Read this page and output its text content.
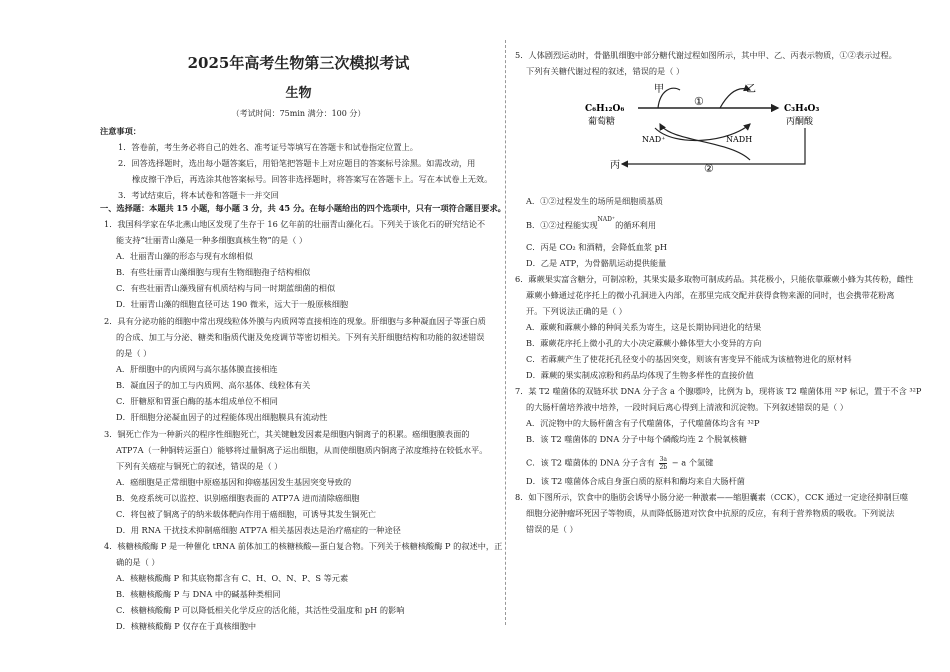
2025年高考生物第三次模拟考试
生物
（考试时间：75min 满分：100 分）
注意事项：
1．答卷前，考生务必将自己的姓名、准考证号等填写在答题卡和试卷指定位置上。
2．回答选择题时，选出每小题答案后，用铅笔把答题卡上对应题目的答案标号涂黑。如需改动，用
橡皮擦干净后，再选涂其他答案标号。回答非选择题时，将答案写在答题卡上。写在本试卷上无效。
3．考试结束后，将本试卷和答题卡一并交回
一、选择题：本题共 15 小题，每小题 3 分，共 45 分。在每小题给出的四个选项中，只有一项符合题目要求。
1．我国科学家在华北燕山地区发现了生存于 16 亿年前的壮丽青山藻化石。下列关于该化石的研究结论不
能支持“壮丽青山藻是一种多细胞真核生物”的是（ ）
A．壮丽青山藻的形态与现有水绵相似
B．有些壮丽青山藻细胞与现有生物细胞孢子结构相似
C．有些壮丽青山藻残留有机质结构与同一时期蓝细菌的相似
D．壮丽青山藻的细胞直径可达 190 微米，远大于一般原核细胞
2．具有分泌功能的细胞中常出现线粒体外膜与内质网等直接相连的现象。肝细胞与多种凝血因子等蛋白质
的合成、加工与分泌、糖类和脂质代谢及免疫调节等密切相关。下列有关肝细胞结构和功能的叙述错误
的是（ ）
A．肝细胞中的内质网与高尔基体膜直接相连
B．凝血因子的加工与内质网、高尔基体、线粒体有关
C．肝糖原和胃蛋白酶的基本组成单位不相同
D．肝细胞分泌凝血因子的过程能体现出细胞膜具有流动性
3．铜死亡作为一种新兴的程序性细胞死亡，其关键触发因素是细胞内铜离子的积累。癌细胞膜表面的
ATP7A（一种铜转运蛋白）能够将过量铜离子运出细胞，从而使细胞质内铜离子浓度维持在较低水平。
下列有关癌症与铜死亡的叙述，错误的是（ ）
A．癌细胞是正常细胞中原癌基因和抑癌基因发生基因突变导致的
B．免疫系统可以监控、识别癌细胞表面的 ATP7A 进而清除癌细胞
C．将包被了铜离子的纳米载体靶向作用于癌细胞，可诱导其发生铜死亡
D．用 RNA 干扰技术抑制癌细胞 ATP7A 相关基因表达是治疗癌症的一种途径
4．核糖核酸酶 P 是一种催化 tRNA 前体加工的核糖核酸—蛋白复合物。下列关于核糖核酸酶 P 的叙述中，正
确的是（ ）
A．核糖核酸酶 P 和其底物都含有 C、H、O、N、P、S 等元素
B．核糖核酸酶 P 与 DNA 中的碱基种类相同
C．核糖核酸酶 P 可以降低相关化学反应的活化能，其活性受温度和 pH 的影响
D．核糖核酸酶 P 仅存在于真核细胞中
5．人体剧烈运动时，骨骼肌细胞中部分糖代谢过程如图所示，其中甲、乙、丙表示物质，①②表示过程。
下列有关糖代谢过程的叙述，错误的是（ ）
C₆H₁₂O₆
葡萄糖
C₃H₄O₃
丙酮酸
甲	乙
①
NAD⁺	NADH
②
丙
A．①②过程发生的场所是细胞质基质
B．①②过程能实现$^{NAD^+}$的循环利用
C．丙是 CO₂ 和酒精，会降低血浆 pH
D．乙是 ATP，为骨骼肌运动提供能量
6．蔴蕨果实富含糖分，可制凉粉，其果实最多取物可制成药品。其花极小，只能依靠蔴蕨小蜂为其传粉，雌性
蔴蕨小蜂通过花序托上的微小孔洞进入内部，在那里完成交配并获得食物来源的同时，也会携带花粉离
开。下列说法正确的是（ ）
A．蔴蕨和蔴蕨小蜂的种间关系为寄生，这是长期协同进化的结果
B．蔴蕨花序托上微小孔的大小决定蔴蕨小蜂体型大小变异的方向
C．若蔴蕨产生了使花托孔径变小的基因突变，则该有害变异不能成为该植物进化的原材料
D．蔴蕨的果实制成凉粉和药品均体现了生物多样性的直接价值
7．某 T2 噬菌体的双链环状 DNA 分子含 a 个腺嘌呤，比例为 b，现将该 T2 噬菌体用 ³²P 标记，置于不含 ³²P
的大肠杆菌培养液中培养，一段时间后离心得到上清液和沉淀物。下列叙述错误的是（ ）
A．沉淀物中的大肠杆菌含有子代噬菌体，子代噬菌体均含有 ³²P
B．该 T2 噬菌体的 DNA 分子中每个磷酸均连 2 个脱氧核糖
C．该 T2 噬菌体的 DNA 分子含有 $\frac{3a}{2b} - a$ 个氢键
D．该 T2 噬菌体合成自身蛋白质的原料和酶均来自大肠杆菌
8．如下图所示，饮食中的脂肪会诱导小肠分泌一种激素——缩胆囊素（CCK），CCK 通过一定途径抑制巨噬
细胞分泌肿瘤坏死因子等物质，从而降低肠道对饮食中抗原的反应，有利于营养物质的吸收。下列说法
错误的是（ ）
